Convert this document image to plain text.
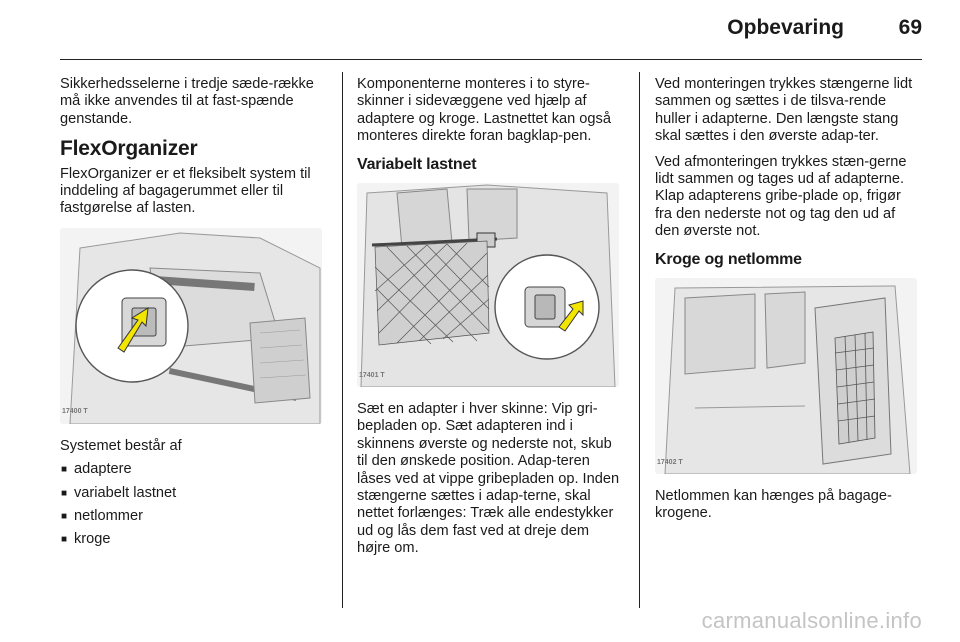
Opbevaring	69

Sikkerhedsselerne i tredje sæde-række må ikke anvendes til at fast-spænde genstande.

FlexOrganizer

FlexOrganizer er et fleksibelt system til inddeling af bagagerummet eller til fastgørelse af lasten.

17400 T

Systemet består af

■ adaptere
■ variabelt lastnet
■ netlommer
■ kroge

Komponenterne monteres i to styre-skinner i sidevæggene ved hjælp af adaptere og kroge. Lastnettet kan også monteres direkte foran bagklap-pen.

Variabelt lastnet
17401 T

Sæt en adapter i hver skinne: Vip gri-bepladen op. Sæt adapteren ind i skinnens øverste og nederste not, skub til den ønskede position. Adap-teren låses ved at vippe gribepladen op. Inden stængerne sættes i adap-terne, skal nettet forlænges: Træk alle endestykker ud og lås dem fast ved at dreje dem højre om.

Ved monteringen trykkes stængerne lidt sammen og sættes i de tilsva-rende huller i adapterne. Den længste stang skal sættes i den øverste adap-ter.

Ved afmonteringen trykkes stæn-gerne lidt sammen og tages ud af adapterne. Klap adapterens gribe-plade op, frigør fra den nederste not og tag den ud af den øverste not.

Kroge og netlomme
17402 T

Netlommen kan hænges på bagage-krogene.

carmanualsonline.info
